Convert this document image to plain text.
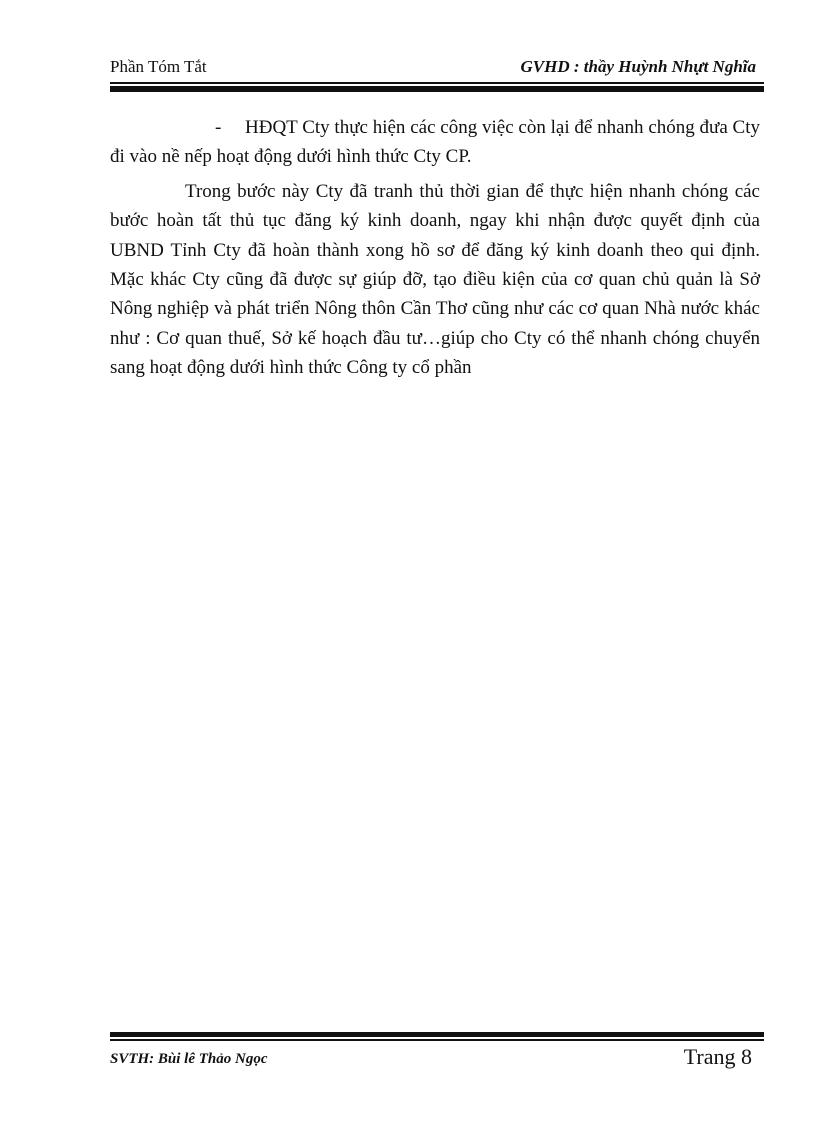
Phần Tóm Tắt	GVHD : thầy Huỳnh Nhựt Nghĩa

- HĐQT Cty thực hiện các công việc còn lại để nhanh chóng đưa Cty đi vào nề nếp hoạt động dưới hình thức Cty CP.

Trong bước này Cty đã tranh thủ thời gian để thực hiện nhanh chóng các bước hoàn tất thủ tục đăng ký kinh doanh, ngay khi nhận được quyết định của UBND Tỉnh Cty đã hoàn thành xong hồ sơ để đăng ký kinh doanh theo qui định. Mặc khác Cty cũng đã được sự giúp đỡ, tạo điều kiện của cơ quan chủ quản là Sở Nông nghiệp và phát triển Nông thôn Cần Thơ cũng như các cơ quan Nhà nước khác như : Cơ quan thuế, Sở kế hoạch đầu tư…giúp cho Cty có thể nhanh chóng chuyển sang hoạt động dưới hình thức Công ty cổ phần

SVTH: Bùi lê Thảo Ngọc	Trang 8
